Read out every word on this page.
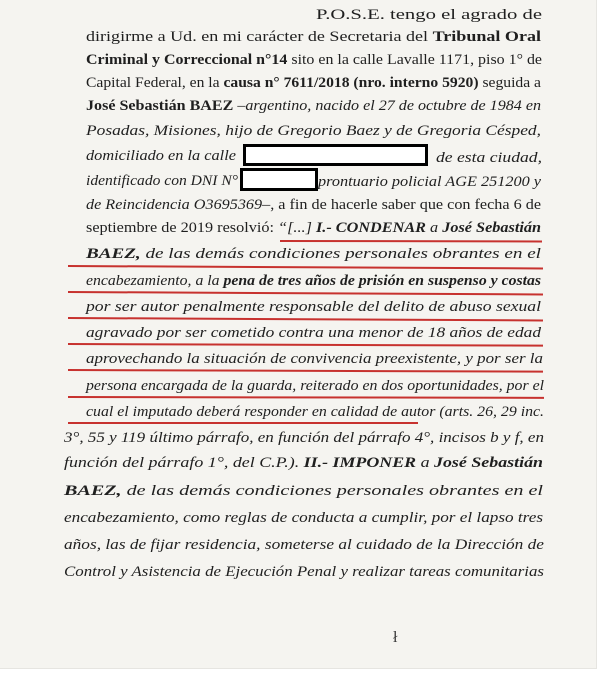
P.O.S.E. tengo el agrado de
dirigirme a Ud. en mi carácter de Secretaria del Tribunal Oral
Criminal y Correccional n°14 sito en la calle Lavalle 1171, piso 1° de
Capital Federal, en la causa n° 7611/2018 (nro. interno 5920) seguida a
José Sebastián BAEZ –argentino, nacido el 27 de octubre de 1984 en
Posadas, Misiones, hijo de Gregorio Baez y de Gregoria Césped,
domiciliado en la calle	de esta ciudad,
identificado con DNI N°	prontuario policial AGE 251200 y
de Reincidencia O3695369–, a fin de hacerle saber que con fecha 6 de
septiembre de 2019 resolvió: “[...] I.- CONDENAR a José Sebastián
BAEZ, de las demás condiciones personales obrantes en el
encabezamiento, a la pena de tres años de prisión en suspenso y costas
por ser autor penalmente responsable del delito de abuso sexual
agravado por ser cometido contra una menor de 18 años de edad
aprovechando la situación de convivencia preexistente, y por ser la
persona encargada de la guarda, reiterado en dos oportunidades, por el
cual el imputado deberá responder en calidad de autor (arts. 26, 29 inc.
3°, 55 y 119 último párrafo, en función del párrafo 4°, incisos b y f, en
función del párrafo 1°, del C.P.). II.- IMPONER a José Sebastián
BAEZ, de las demás condiciones personales obrantes en el
encabezamiento, como reglas de conducta a cumplir, por el lapso tres
años, las de fijar residencia, someterse al cuidado de la Dirección de
Control y Asistencia de Ejecución Penal y realizar tareas comunitarias
ł
